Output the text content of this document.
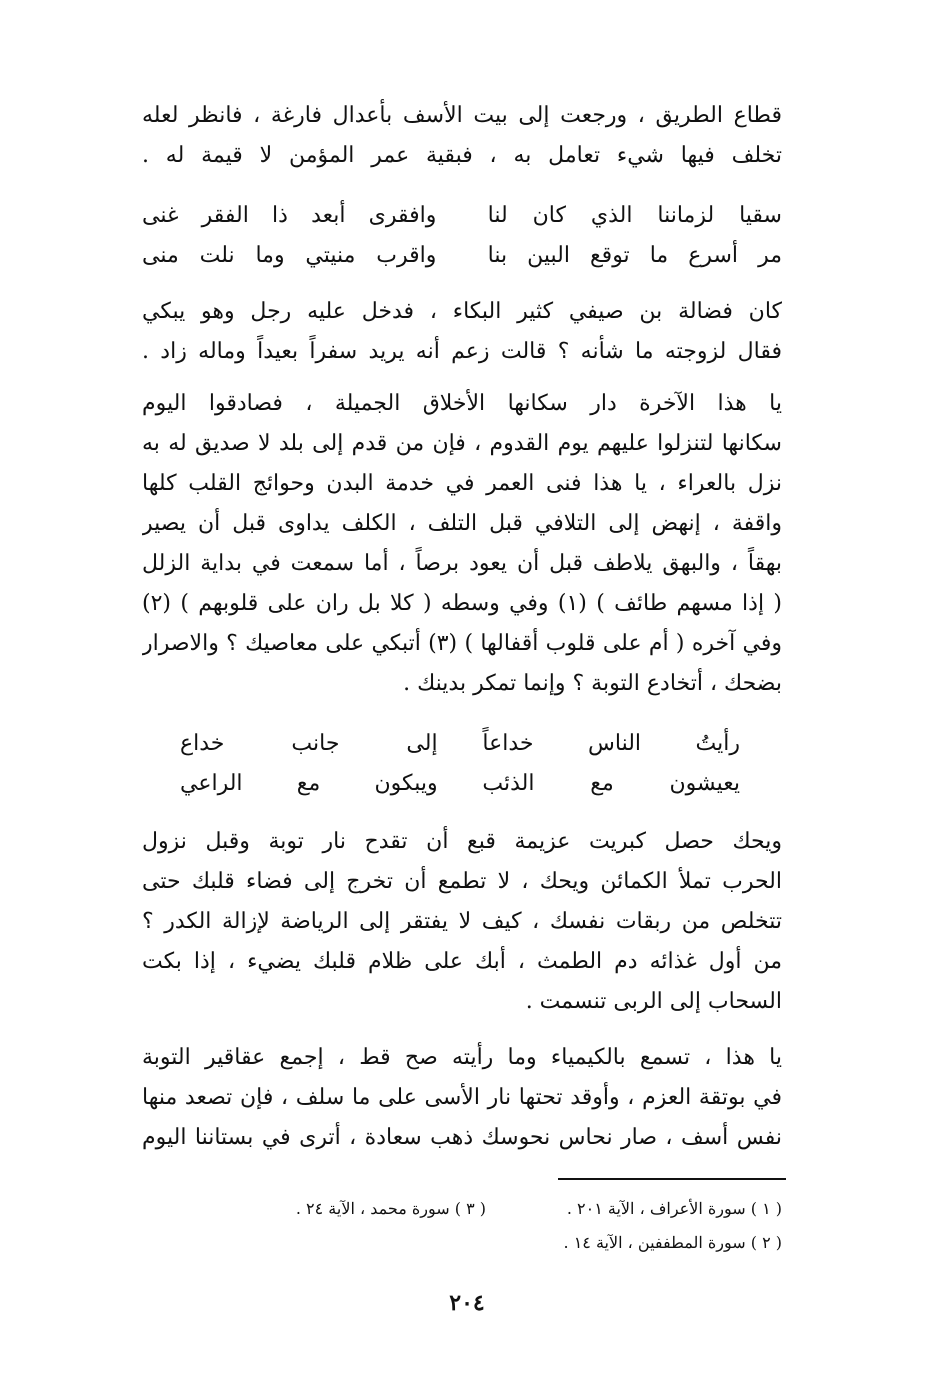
قطاع الطريق ، ورجعت إلى بيت الأسف بأعدال فارغة ، فانظر لعله
تخلف فيها شيء تعامل به ، فبقية عمر المؤمن لا قيمة له .
سقيا لزماننا الذي كان لنا
وافقرى أبعد ذا الفقر غنى
مر أسرع ما توقع البين بنا
واقرب منيتي وما نلت منى
كان فضالة بن صيفي كثير البكاء ، فدخل عليه رجل وهو يبكي
فقال لزوجته ما شأنه ؟ قالت زعم أنه يريد سفراً بعيداً وماله زاد .
يا هذا الآخرة دار سكانها الأخلاق الجميلة ، فصادقوا اليوم
سكانها لتنزلوا عليهم يوم القدوم ، فإن من قدم إلى بلد لا صديق له به
نزل بالعراء ، يا هذا فنى العمر في خدمة البدن وحوائج القلب كلها
واقفة ، إنهض إلى التلافي قبل التلف ، الكلف يداوى قبل أن يصير
بهقاً ، والبهق يلاطف قبل أن يعود برصاً ، أما سمعت في بداية الزلل
( إذا مسهم طائف ) (١) وفي وسطه ( كلا بل ران على قلوبهم ) (٢)
وفي آخره ( أم على قلوب أقفالها ) (٣) أتبكي على معاصيك ؟ والاصرار
بضحك ، أتخادع التوبة ؟ وإنما تمكر بدينك .
رأيتُ الناس خداعاً
إلى جانب خداع
يعيشون مع الذئب
ويبكون مع الراعي
ويحك حصل كبريت عزيمة قبع أن تقدح نار توبة وقبل نزول
الحرب تملأ الكمائن ويحك ، لا تطمع أن تخرج إلى فضاء قلبك حتى
تتخلص من ربقات نفسك ، كيف لا يفتقر إلى الرياضة لإزالة الكدر ؟
من أول غذائه دم الطمث ، أبك على ظلام قلبك يضيء ، إذا بكت
السحاب إلى الربى تنسمت .
يا هذا ، تسمع بالكيمياء وما رأيته صح قط ، إجمع عقاقير التوبة
في بوتقة العزم ، وأوقد تحتها نار الأسى على ما سلف ، فإن تصعد منها
نفس أسف ، صار نحاس نحوسك ذهب سعادة ، أترى في بستاننا اليوم
( ١ ) سورة الأعراف ، الآية ٢٠١ .
( ٣ ) سورة محمد ، الآية ٢٤ .
( ٢ ) سورة المطففين ، الآية ١٤ .
٢٠٤
